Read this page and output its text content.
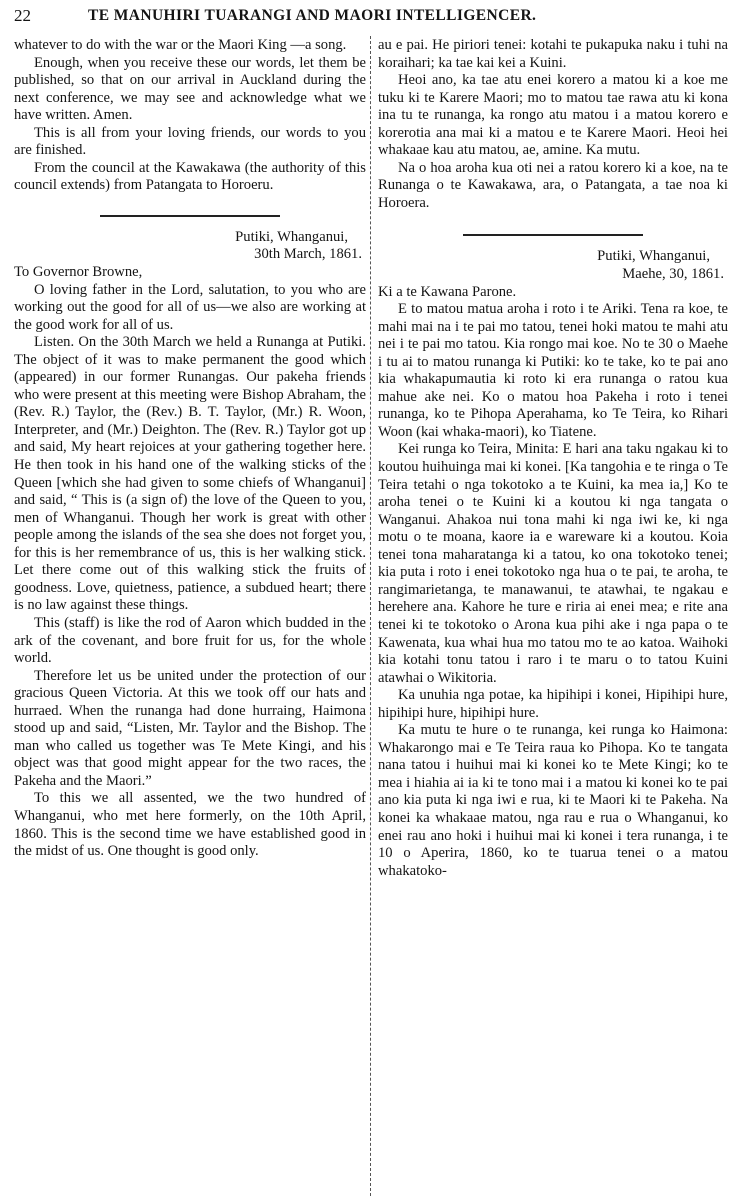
22	TE MANUHIRI TUARANGI AND MAORI INTELLIGENCER.

whatever to do with the war or the Maori King —a song.

Enough, when you receive these our words, let them be published, so that on our arrival in Auckland during the next conference, we may see and acknowledge what we have written. Amen.

This is all from your loving friends, our words to you are finished.

From the council at the Kawakawa (the authority of this council extends) from Patangata to Horoeru.

Putiki, Whanganui,

30th March, 1861.

To Governor Browne,

O loving father in the Lord, salutation, to you who are working out the good for all of us—we also are working at the good work for all of us.

Listen. On the 30th March we held a Runanga at Putiki. The object of it was to make permanent the good which (appeared) in our former Runangas. Our pakeha friends who were present at this meeting were Bishop Abraham, the (Rev. R.) Taylor, the (Rev.) B. T. Taylor, (Mr.) R. Woon, Interpreter, and (Mr.) Deighton. The (Rev. R.) Taylor got up and said, My heart rejoices at your gathering together here. He then took in his hand one of the walking sticks of the Queen [which she had given to some chiefs of Whanganui] and said, “ This is (a sign of) the love of the Queen to you, men of Whanganui. Though her work is great with other people among the islands of the sea she does not forget you, for this is her remembrance of us, this is her walking stick. Let there come out of this walking stick the fruits of goodness. Love, quietness, patience, a subdued heart; there is no law against these things.

This (staff) is like the rod of Aaron which budded in the ark of the covenant, and bore fruit for us, for the whole world.

Therefore let us be united under the protection of our gracious Queen Victoria. At this we took off our hats and hurraed. When the runanga had done hurraing, Haimona stood up and said, “Listen, Mr. Taylor and the Bishop. The man who called us together was Te Mete Kingi, and his object was that good might appear for the two races, the Pakeha and the Maori.”

To this we all assented, we the two hundred of Whanganui, who met here formerly, on the 10th April, 1860. This is the second time we have established good in the midst of us. One thought is good only.

au e pai. He piriori tenei: kotahi te pukapuka naku i tuhi na koraihari; ka tae kai kei a Kuini.

Heoi ano, ka tae atu enei korero a matou ki a koe me tuku ki te Karere Maori; mo to matou tae rawa atu ki kona ina tu te runanga, ka rongo atu matou i a matou korero e korerotia ana mai ki a matou e te Karere Maori. Heoi hei whakaae kau atu matou, ae, amine. Ka mutu.

Na o hoa aroha kua oti nei a ratou korero ki a koe, na te Runanga o te Kawakawa, ara, o Patangata, a tae noa ki Horoera.

Putiki, Whanganui,

Maehe, 30, 1861.

Ki a te Kawana Parone.

E to matou matua aroha i roto i te Ariki. Tena ra koe, te mahi mai na i te pai mo tatou, tenei hoki matou te mahi atu nei i te pai mo tatou. Kia rongo mai koe. No te 30 o Maehe i tu ai to matou runanga ki Putiki: ko te take, ko te pai ano kia whakapumautia ki roto ki era runanga o ratou kua mahue ake nei. Ko o matou hoa Pakeha i roto i tenei runanga, ko te Pihopa Aperahama, ko Te Teira, ko Rihari Woon (kai whaka-maori), ko Tiatene.

Kei runga ko Teira, Minita: E hari ana taku ngakau ki to koutou huihuinga mai ki konei. [Ka tangohia e te ringa o Te Teira tetahi o nga tokotoko a te Kuini, ka mea ia,] Ko te aroha tenei o te Kuini ki a koutou ki nga tangata o Wanganui. Ahakoa nui tona mahi ki nga iwi ke, ki nga motu o te moana, kaore ia e wareware ki a koutou. Koia tenei tona maharatanga ki a tatou, ko ona tokotoko tenei; kia puta i roto i enei tokotoko nga hua o te pai, te aroha, te rangimarietanga, te manawanui, te atawhai, te ngakau e herehere ana. Kahore he ture e riria ai enei mea; e rite ana tenei ki te tokotoko o Arona kua pihi ake i nga papa o te Kawenata, kua whai hua mo tatou mo te ao katoa. Waihoki kia kotahi tonu tatou i raro i te maru o to tatou Kuini atawhai o Wikitoria.

Ka unuhia nga potae, ka hipihipi i konei, Hipihipi hure, hipihipi hure, hipihipi hure.

Ka mutu te hure o te runanga, kei runga ko Haimona: Whakarongo mai e Te Teira raua ko Pihopa. Ko te tangata nana tatou i huihui mai ki konei ko te Mete Kingi; ko te mea i hiahia ai ia ki te tono mai i a matou ki konei ko te pai ano kia puta ki nga iwi e rua, ki te Maori ki te Pakeha. Na konei ka whakaae matou, nga rau e rua o Whanganui, ko enei rau ano hoki i huihui mai ki konei i tera runanga, i te 10 o Aperira, 1860, ko te tuarua tenei o a matou whakatoko-
